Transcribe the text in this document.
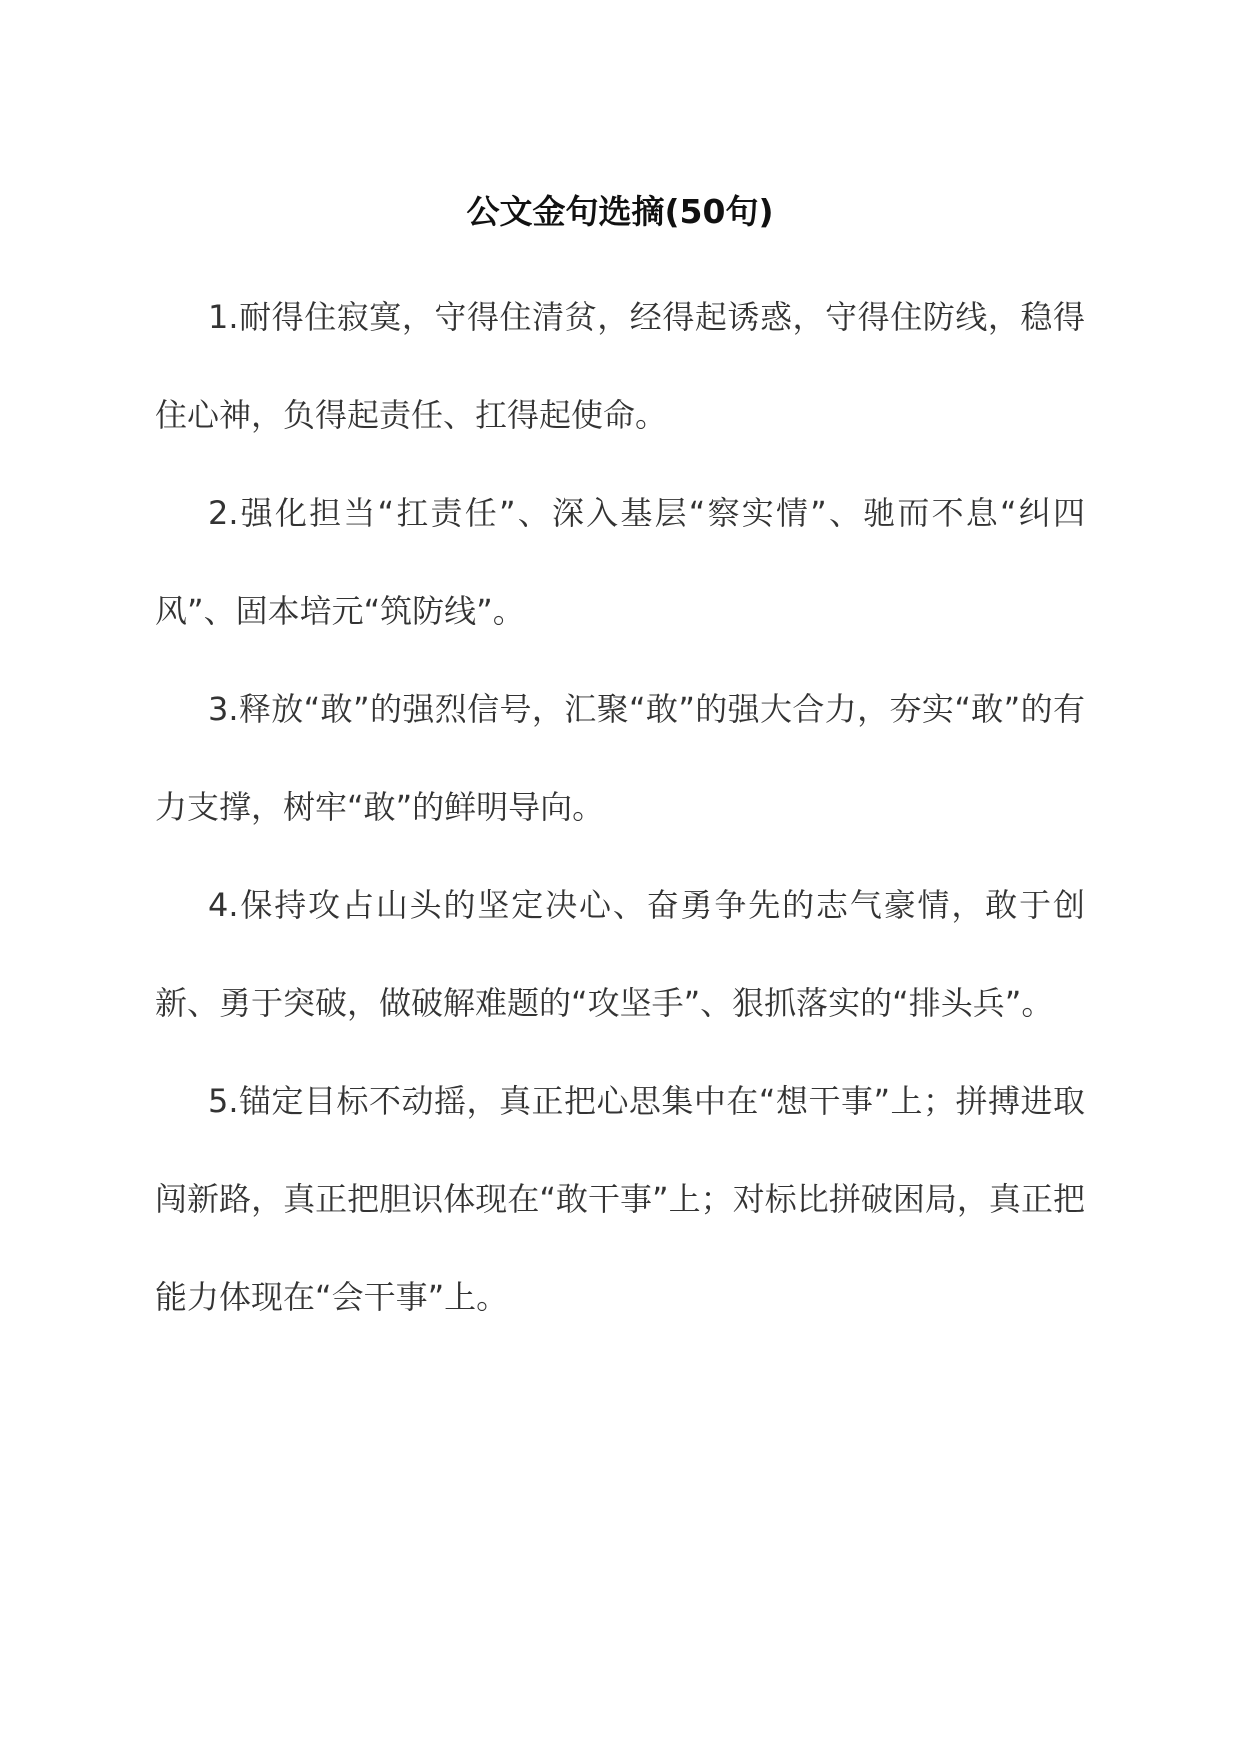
公文金句选摘(50句)

1.耐得住寂寞，守得住清贫，经得起诱惑，守得住防线，稳得住心神，负得起责任、扛得起使命。

2.强化担当“扛责任”、深入基层“察实情”、驰而不息“纠四风”、固本培元“筑防线”。

3.释放“敢”的强烈信号，汇聚“敢”的强大合力，夯实“敢”的有力支撑，树牢“敢”的鲜明导向。

4.保持攻占山头的坚定决心、奋勇争先的志气豪情，敢于创新、勇于突破，做破解难题的“攻坚手”、狠抓落实的“排头兵”。

5.锚定目标不动摇，真正把心思集中在“想干事”上；拼搏进取闯新路，真正把胆识体现在“敢干事”上；对标比拼破困局，真正把能力体现在“会干事”上。
